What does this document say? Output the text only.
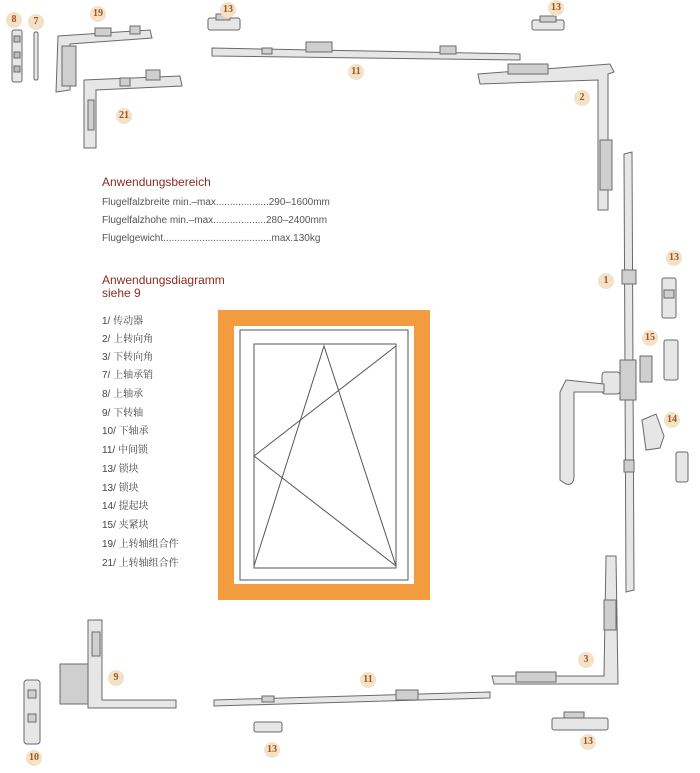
8	7
19
21
13	13
11
2
1
13
15
14
3
9
10
11
13
13
Anwendungsbereich
Flugelfalzbreite min.–max...................290–1600mm
Flugelfalzhohe min.–max...................280–2400mm
Flugelgewicht.......................................max.130kg
Anwendungsdiagramm
siehe 9
1/ 传动器
2/ 上转向角
3/ 下转向角
7/ 上轴承销
8/ 上轴承
9/ 下转轴
10/ 下轴承
11/ 中间锁
13/ 锁块
13/ 锁块
14/ 提起块
15/ 夹紧块
19/ 上转轴组合件
21/ 上转轴组合件
